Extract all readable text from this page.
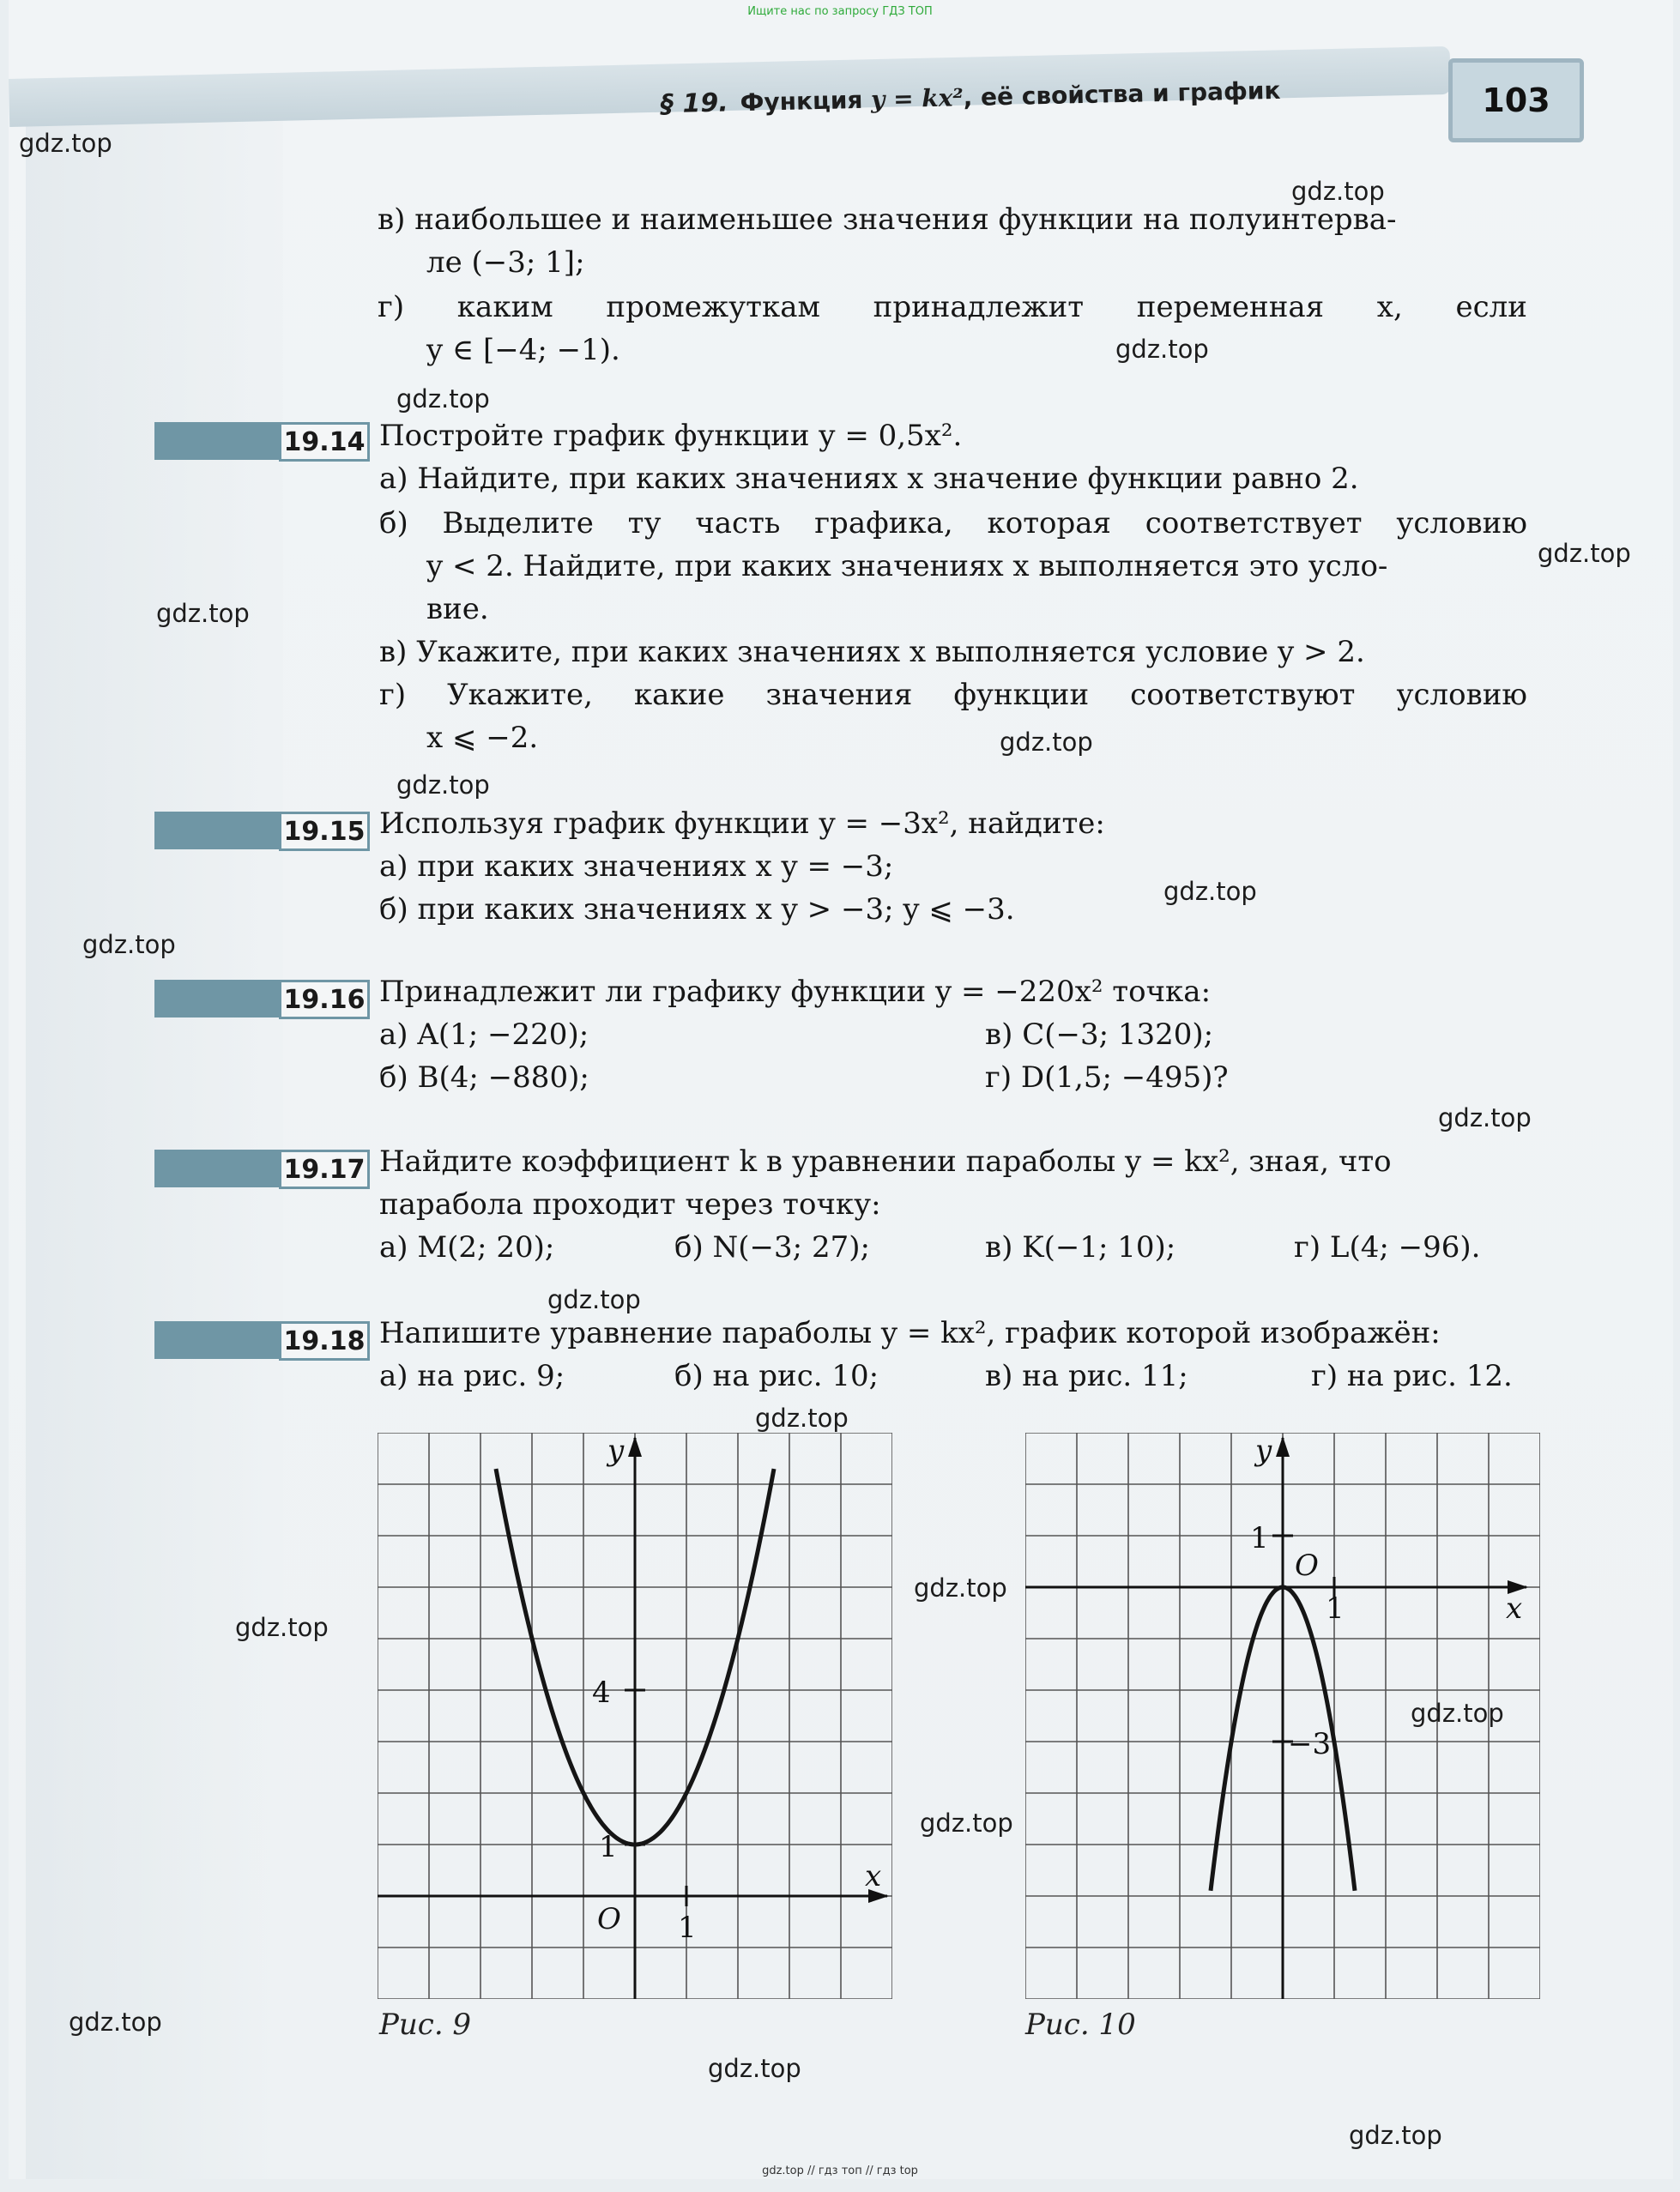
Ищите нас по запросу ГДЗ ТОП
§ 19. Функция y = kx², её свойства и график	103
в) наибольшее и наименьшее значения функции на полуинтерва-
ле (−3; 1];
г) каким промежуткам принадлежит переменная x, если
y ∈ [−4; −1).
19.14 Постройте график функции y = 0,5x².
а) Найдите, при каких значениях x значение функции равно 2.
б) Выделите ту часть графика, которая соответствует условию
y < 2. Найдите, при каких значениях x выполняется это усло-
вие.
в) Укажите, при каких значениях x выполняется условие y > 2.
г) Укажите, какие значения функции соответствуют условию
x ⩽ −2.
19.15 Используя график функции y = −3x², найдите:
а) при каких значениях x y = −3;
б) при каких значениях x y > −3; y ⩽ −3.
19.16 Принадлежит ли графику функции y = −220x² точка:
а) A(1; −220);	в) C(−3; 1320);
б) B(4; −880);	г) D(1,5; −495)?
19.17 Найдите коэффициент k в уравнении параболы y = kx², зная, что
парабола проходит через точку:
а) M(2; 20);	б) N(−3; 27);	в) K(−1; 10);	г) L(4; −96).
19.18 Напишите уравнение параболы y = kx², график которой изображён:
а) на рис. 9;	б) на рис. 10;	в) на рис. 11;	г) на рис. 12.
y
x
O 1
1
4
Рис. 9
y
x
O
1
1
−3
Рис. 10
gdz.top
gdz.top
gdz.top
gdz.top
gdz.top
gdz.top
gdz.top
gdz.top
gdz.top
gdz.top
gdz.top
gdz.top
gdz.top
gdz.top
gdz.top
gdz.top
gdz.top
gdz.top
gdz.top
gdz.top
gdz.top // гдз топ // гдз top
